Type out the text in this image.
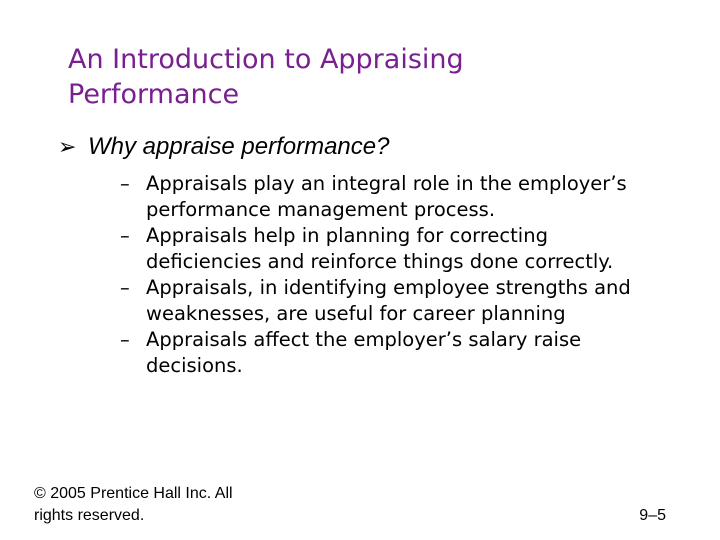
An Introduction to Appraising
Performance
➢ Why appraise performance?
– Appraisals play an integral role in the employer’s
performance management process.
– Appraisals help in planning for correcting
deficiencies and reinforce things done correctly.
– Appraisals, in identifying employee strengths and
weaknesses, are useful for career planning
– Appraisals affect the employer’s salary raise
decisions.
© 2005 Prentice Hall Inc. All
rights reserved.	9–5
